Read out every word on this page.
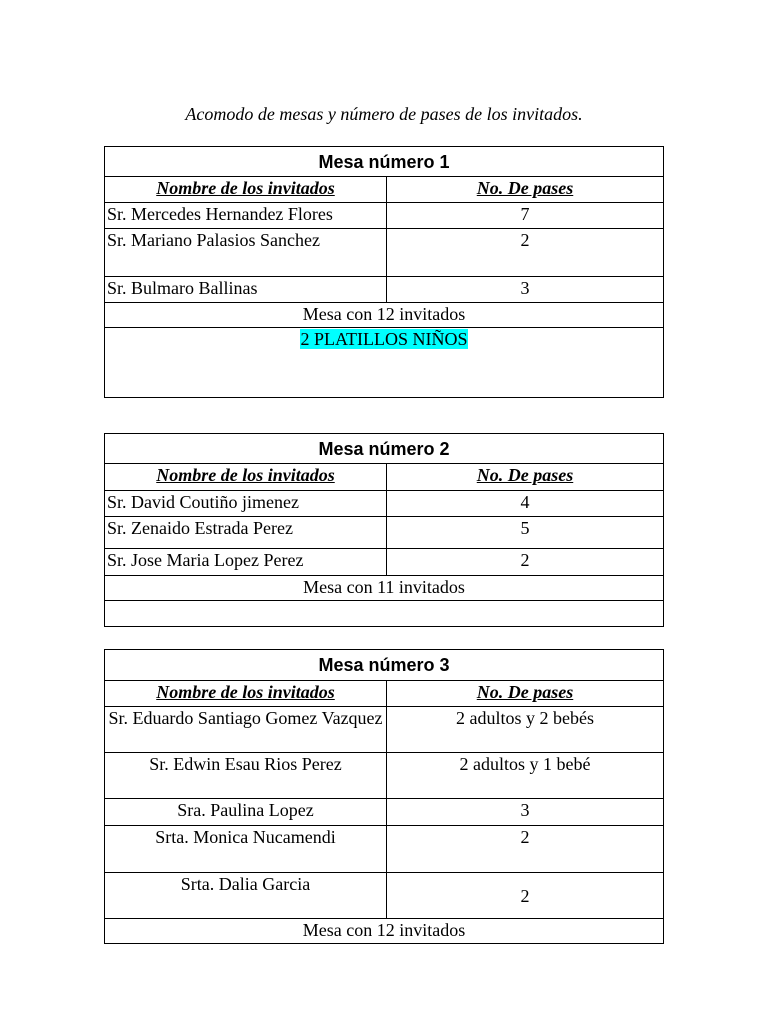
Acomodo de mesas y número de pases de los invitados.
Mesa número 1	
Nombre de los invitados	No. De pases
Sr. Mercedes Hernandez Flores	7
Sr. Mariano Palasios Sanchez	2
Sr. Bulmaro Ballinas	3
Mesa con 12 invitados	
2 PLATILLOS NIÑOS	
Mesa número 2	
Nombre de los invitados	No. De pases
Sr. David Coutiño jimenez	4
Sr. Zenaido Estrada Perez	5
Sr. Jose Maria Lopez Perez	2
Mesa con 11 invitados	

Mesa número 3	
Nombre de los invitados	No. De pases
Sr. Eduardo Santiago Gomez Vazquez	2 adultos y 2 bebés
Sr. Edwin Esau Rios Perez	2 adultos y 1 bebé
Sra. Paulina Lopez	3
Srta. Monica Nucamendi	2
Srta. Dalia Garcia	2
Mesa con 12 invitados	
